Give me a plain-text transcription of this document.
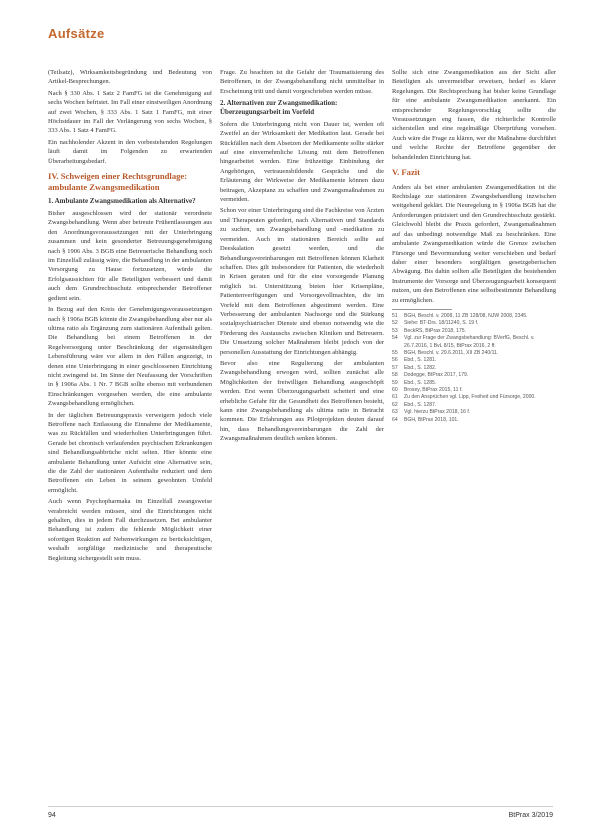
Aufsätze

(Teilsatz), Wirksamkeitsbegründung und Bedeutung von Artikel-Besprechungen.

Nach § 330 Abs. 1 Satz 2 FamFG ist die Genehmigung auf sechs Wochen befristet. Im Fall einer einstweiligen Anordnung auf zwei Wochen, § 333 Abs. 1 Satz 1 FamFG, mit einer Höchstdauer im Fall der Verlängerung von sechs Wochen, § 333 Abs. 1 Satz 4 FamFG.

Ein nachholender Akzent in den vorbestehenden Regelungen läuft damit im Folgenden zu erwartenden Überarbeitungsbedarf.

IV. Schweigen einer Rechtsgrundlage: ambulante Zwangsmedikation
1. Ambulante Zwangsmedikation als Alternative?

Bisher ausgeschlossen wird der stationär verordnete Zwangsbehandlung. Wenn aber betreute Frühentlassungen aus den Anordnungsvoraussetzungen mit der Unterbringung zusammen und kein gesonderter Betreuungsgenehmigung nach § 1906 Abs. 3 BGB eine Betreuerische Behandlung noch im Einzelfall zulässig wäre, die Behandlung in der ambulanten Versorgung zu Hause fortzusetzen, würde die Erfolgsaussichten für alle Beteiligten verbessert und damit auch dem Grundrechtsschutz entsprechender Betroffener gedient sein.

In Bezug auf den Kreis der Genehmigungsvoraussetzungen nach § 1906a BGB könnte die Zwangsbehandlung aber nur als ultima ratio als Ergänzung zum stationären Aufenthalt gelten. Die Behandlung bei einem Betroffenen in der Regelversorgung unter Beschränkung der eigenständigen Lebensführung wäre vor allem in den Fällen angezeigt, in denen eine Unterbringung in einer geschlossenen Einrichtung nicht zwingend ist. Im Sinne der Neufassung der Vorschriften in § 1906a Abs. 1 Nr. 7 BGB sollte ebenso mit verbundenen Einschränkungen vorgesehen werden, die eine ambulante Zwangsbehandlung ermöglichen.

In der täglichen Betreuungspraxis verweigern jedoch viele Betroffene nach Entlassung die Einnahme der Medikamente, was zu Rückfällen und wiederholten Unterbringungen führt. Gerade bei chronisch verlaufenden psychischen Erkrankungen sind Behandlungsabbrüche nicht selten. Hier könnte eine ambulante Behandlung unter Aufsicht eine Alternative sein, die die Zahl der stationären Aufenthalte reduziert und dem Betroffenen ein Leben in seinem gewohnten Umfeld ermöglicht.

Auch wenn Psychopharmaka im Einzelfall zwangsweise verabreicht werden müssen, sind die Einrichtungen nicht gehalten, dies in jedem Fall durchzusetzen. Bei ambulanter Behandlung ist zudem die fehlende Möglichkeit einer sofortigen Reaktion auf Nebenwirkungen zu berücksichtigen, weshalb sorgfältige medizinische und therapeutische Begleitung sichergestellt sein muss.

Frage. Zu beachten ist die Gefahr der Traumatisierung des Betroffenen, in der Zwangsbehandlung nicht unmittelbar in Erscheinung tritt und damit vorgeschrieben werden müsse.

2. Alternativen zur Zwangsmedikation: Überzeugungsarbeit im Vorfeld

Sofern die Unterbringung nicht von Dauer ist, werden oft Zweifel an der Wirksamkeit der Medikation laut. Gerade bei Rückfällen nach dem Absetzen der Medikamente sollte stärker auf eine einvernehmliche Lösung mit dem Betroffenen hingearbeitet werden. Eine frühzeitige Einbindung der Angehörigen, vertrauensbildende Gespräche und die Erläuterung der Wirkweise der Medikamente können dazu beitragen, Akzeptanz zu schaffen und Zwangsmaßnahmen zu vermeiden.

Schon vor einer Unterbringung sind die Fachkreise von Ärzten und Therapeuten gefordert, nach Alternativen und Standards zu suchen, um Zwangsbehandlung und -medikation zu vermeiden. Auch im stationären Bereich sollte auf Deeskalation gesetzt werden, und die Behandlungsvereinbarungen mit Betroffenen können Klarheit schaffen. Dies gilt insbesondere für Patienten, die wiederholt in Krisen geraten und für die eine vorsorgende Planung möglich ist. Unterstützung bieten hier Krisenpläne, Patientenverfügungen und Vorsorgevollmachten, die im Vorfeld mit dem Betroffenen abgestimmt werden. Eine Verbesserung der ambulanten Nachsorge und die Stärkung sozialpsychiatrischer Dienste sind ebenso notwendig wie die Förderung des Austauschs zwischen Kliniken und Betreuern. Die Umsetzung solcher Maßnahmen bleibt jedoch von der personellen Ausstattung der Einrichtungen abhängig.

Bevor also eine Regulierung der ambulanten Zwangsbehandlung erwogen wird, sollten zunächst alle Möglichkeiten der freiwilligen Behandlung ausgeschöpft werden. Erst wenn Überzeugungsarbeit scheitert und eine erhebliche Gefahr für die Gesundheit des Betroffenen besteht, kann eine Zwangsbehandlung als ultima ratio in Betracht kommen. Die Erfahrungen aus Pilotprojekten deuten darauf hin, dass Behandlungsvereinbarungen die Zahl der Zwangsmaßnahmen deutlich senken können.

Sollte sich eine Zwangsmedikation aus der Sicht aller Beteiligten als unvermeidbar erweisen, bedarf es klarer Regelungen. Die Rechtsprechung hat bisher keine Grundlage für eine ambulante Zwangsmedikation anerkannt. Ein entsprechender Regelungsvorschlag sollte die Voraussetzungen eng fassen, die richterliche Kontrolle sicherstellen und eine regelmäßige Überprüfung vorsehen. Auch wäre die Frage zu klären, wer die Maßnahme durchführt und welche Rechte der Betroffene gegenüber der behandelnden Einrichtung hat.

V. Fazit

Anders als bei einer ambulanten Zwangsmedikation ist die Rechtslage zur stationären Zwangsbehandlung inzwischen weitgehend geklärt. Die Neuregelung in § 1906a BGB hat die Anforderungen präzisiert und den Grundrechtsschutz gestärkt. Gleichwohl bleibt die Praxis gefordert, Zwangsmaßnahmen auf das unbedingt notwendige Maß zu beschränken. Eine ambulante Zwangsmedikation würde die Grenze zwischen Fürsorge und Bevormundung weiter verschieben und bedarf daher einer besonders sorgfältigen gesetzgeberischen Abwägung. Bis dahin sollten alle Beteiligten die bestehenden Instrumente der Vorsorge und Überzeugungsarbeit konsequent nutzen, um den Betroffenen eine selbstbestimmte Behandlung zu ermöglichen.

51	BGH, Beschl. v. 2008, 11 ZB 128/08, NJW 2008, 2345.
52	Siehe: BT-Drs. 18/11240, S. 19 f.
53	BeckRS, BtPrax 2018, 175.
54	Vgl. zur Frage der Zwangsbehandlung: BVerfG, Beschl. v. 26.7.2016, 1 BvL 8/15, BtPrax 2016, 2 ff.
55	BGH, Beschl. v. 29.6.2011, XII ZB 240/11.
56	Ebd., S. 1281.
57	Ebd., S. 1282.
58	Dodegge, BtPrax 2017, 179.
59	Ebd., S. 1285.
60	Brosey, BtPrax 2015, 11 f.
61	Zu den Ansprüchen vgl. Lipp, Freiheit und Fürsorge, 2000.
62	Ebd., S. 1287.
63	Vgl. hierzu BtPrax 2018, 16 f.
64	BGH, BtPrax 2018, 101.
94	BtPrax 3/2019
